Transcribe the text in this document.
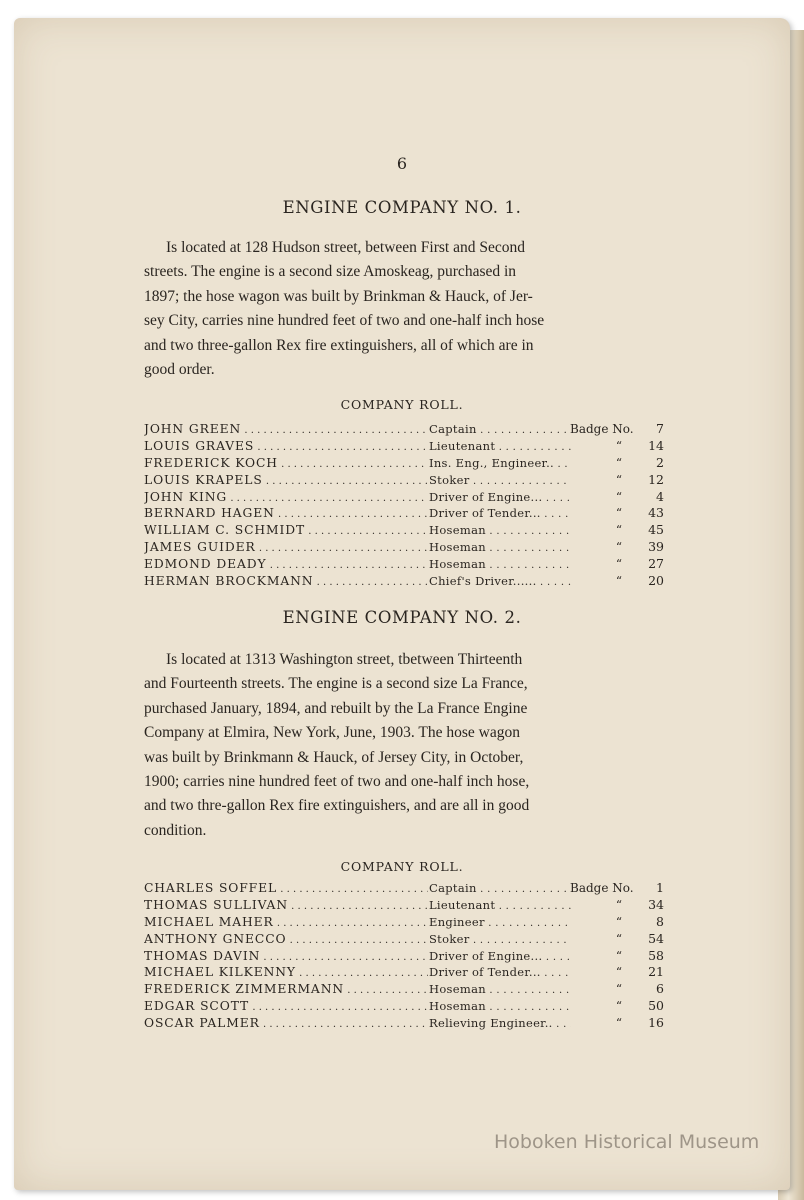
6
ENGINE COMPANY NO. 1.
Is located at 128 Hudson street, between First and Second
streets. The engine is a second size Amoskeag, purchased in
1897; the hose wagon was built by Brinkman & Hauck, of Jer-
sey City, carries nine hundred feet of two and one-half inch hose
and two three-gallon Rex fire extinguishers, all of which are in
good order.
COMPANY ROLL.
JOHN GREEN . . .	Captain . . .	Badge No.	7
LOUIS GRAVES . . .	Lieutenant . . .	“	14
FREDERICK KOCH . . .	Ins. Eng., Engineer.. . . .	“	2
LOUIS KRAPELS . . .	Stoker . . .	“	12
JOHN KING . . .	Driver of Engine... . . .	“	4
BERNARD HAGEN . . .	Driver of Tender... . . .	“	43
WILLIAM C. SCHMIDT . . .	Hoseman . . .	“	45
JAMES GUIDER . . .	Hoseman . . .	“	39
EDMOND DEADY . . .	Hoseman . . .	“	27
HERMAN BROCKMANN . . .	Chief's Driver...... . . .	“	20
ENGINE COMPANY NO. 2.
Is located at 1313 Washington street, tbetween Thirteenth
and Fourteenth streets. The engine is a second size La France,
purchased January, 1894, and rebuilt by the La France Engine
Company at Elmira, New York, June, 1903. The hose wagon
was built by Brinkmann & Hauck, of Jersey City, in October,
1900; carries nine hundred feet of two and one-half inch hose,
and two thre-gallon Rex fire extinguishers, and are all in good
condition.
COMPANY ROLL.
CHARLES SOFFEL . . .	Captain . . .	Badge No.	1
THOMAS SULLIVAN . . .	Lieutenant . . .	“	34
MICHAEL MAHER . . .	Engineer . . .	“	8
ANTHONY GNECCO . . .	Stoker . . .	“	54
THOMAS DAVIN . . .	Driver of Engine... . . .	“	58
MICHAEL KILKENNY . . .	Driver of Tender... . . .	“	21
FREDERICK ZIMMERMANN . . .	Hoseman . . .	“	6
EDGAR SCOTT . . .	Hoseman . . .	“	50
OSCAR PALMER . . .	Relieving Engineer.. . . .	“	16
Hoboken Historical Museum
